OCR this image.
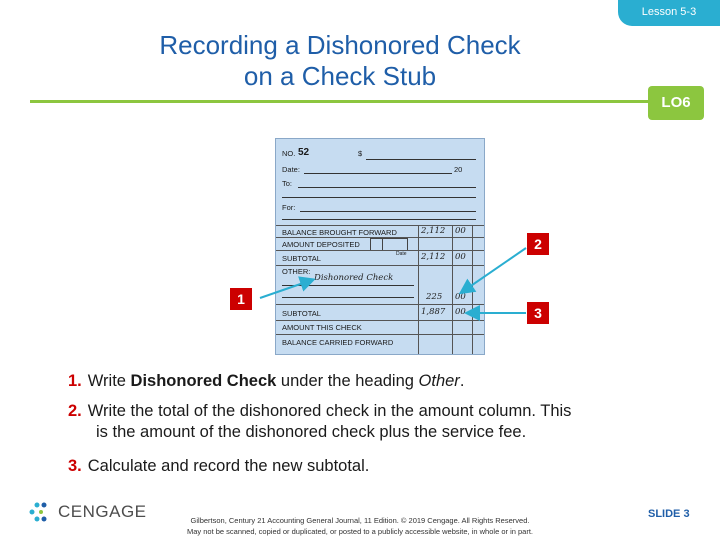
Lesson 5-3
Recording a Dishonored Check
on a Check Stub
LO6
NO. 52	$
Date:	20
To:
For:
BALANCE BROUGHT FORWARD	2,112 00
AMOUNT DEPOSITED
Date
SUBTOTAL	2,112 00
OTHER:
Dishonored Check
225 00
SUBTOTAL	1,887 00
AMOUNT THIS CHECK
BALANCE CARRIED FORWARD
1
2
3
1. Write Dishonored Check under the heading Other.
2. Write the total of the dishonored check in the amount column. This
is the amount of the dishonored check plus the service fee.
3. Calculate and record the new subtotal.
CENGAGE	Gilbertson, Century 21 Accounting General Journal, 11 Edition. © 2019 Cengage. All Rights Reserved.
May not be scanned, copied or duplicated, or posted to a publicly accessible website, in whole or in part.
SLIDE 3
